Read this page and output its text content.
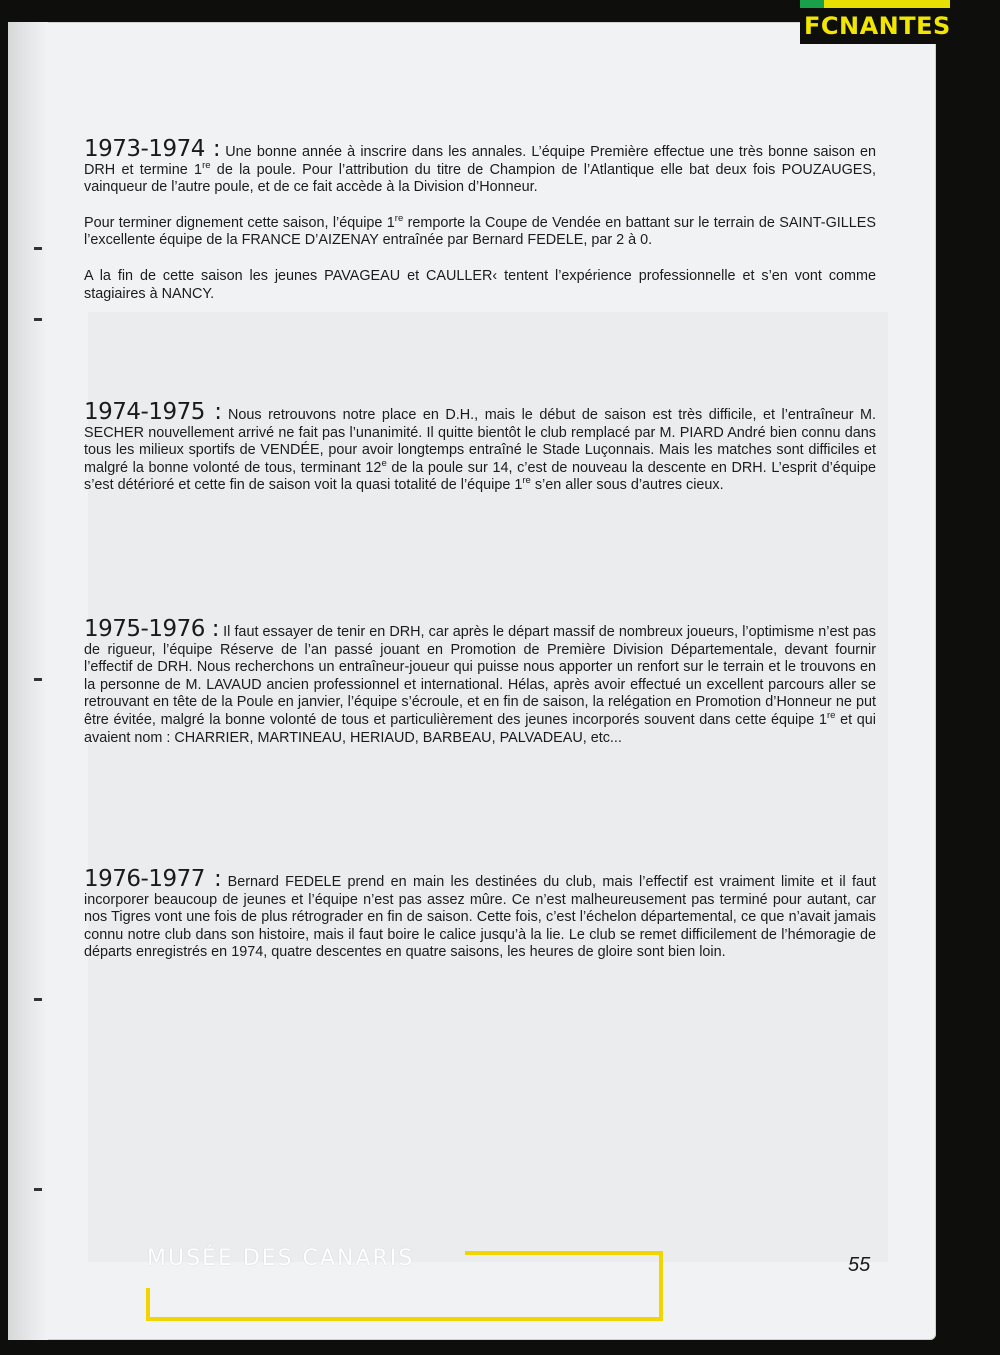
FCNANTES

1973-1974 : Une bonne année à inscrire dans les annales. L’équipe Première effectue une très bonne saison en DRH et termine 1re de la poule. Pour l’attribution du titre de Champion de l’Atlantique elle bat deux fois POUZAUGES, vainqueur de l’autre poule, et de ce fait accède à la Division d’Honneur.

Pour terminer dignement cette saison, l’équipe 1re remporte la Coupe de Vendée en battant sur le terrain de SAINT-GILLES l’excellente équipe de la FRANCE D’AIZENAY entraînée par Bernard FEDELE, par 2 à 0.

A la fin de cette saison les jeunes PAVAGEAU et CAULLER‹ tentent l’expérience professionnelle et s’en vont comme stagiaires à NANCY.

1974-1975 : Nous retrouvons notre place en D.H., mais le début de saison est très difficile, et l’entraîneur M. SECHER nouvellement arrivé ne fait pas l’unanimité. Il quitte bientôt le club remplacé par M. PIARD André bien connu dans tous les milieux sportifs de VENDÉE, pour avoir longtemps entraîné le Stade Luçonnais. Mais les matches sont difficiles et malgré la bonne volonté de tous, terminant 12e de la poule sur 14, c’est de nouveau la descente en DRH. L’esprit d’équipe s’est détérioré et cette fin de saison voit la quasi totalité de l’équipe 1re s’en aller sous d’autres cieux.

1975-1976 : Il faut essayer de tenir en DRH, car après le départ massif de nombreux joueurs, l’optimisme n’est pas de rigueur, l’équipe Réserve de l’an passé jouant en Promotion de Première Division Départementale, devant fournir l’effectif de DRH. Nous recherchons un entraîneur-joueur qui puisse nous apporter un renfort sur le terrain et le trouvons en la personne de M. LAVAUD ancien professionnel et international. Hélas, après avoir effectué un excellent parcours aller se retrouvant en tête de la Poule en janvier, l’équipe s’écroule, et en fin de saison, la relégation en Promotion d’Honneur ne put être évitée, malgré la bonne volonté de tous et particulièrement des jeunes incorporés souvent dans cette équipe 1re et qui avaient nom : CHARRIER, MARTINEAU, HERIAUD, BARBEAU, PALVADEAU, etc...

1976-1977 : Bernard FEDELE prend en main les destinées du club, mais l’effectif est vraiment limite et il faut incorporer beaucoup de jeunes et l’équipe n’est pas assez mûre. Ce n’est malheureusement pas terminé pour autant, car nos Tigres vont une fois de plus rétrograder en fin de saison. Cette fois, c’est l’échelon départemental, ce que n’avait jamais connu notre club dans son histoire, mais il faut boire le calice jusqu’à la lie. Le club se remet difficilement de l’hémoragie de départs enregistrés en 1974, quatre descentes en quatre saisons, les heures de gloire sont bien loin.

MUSÉE DES CANARIS	55
